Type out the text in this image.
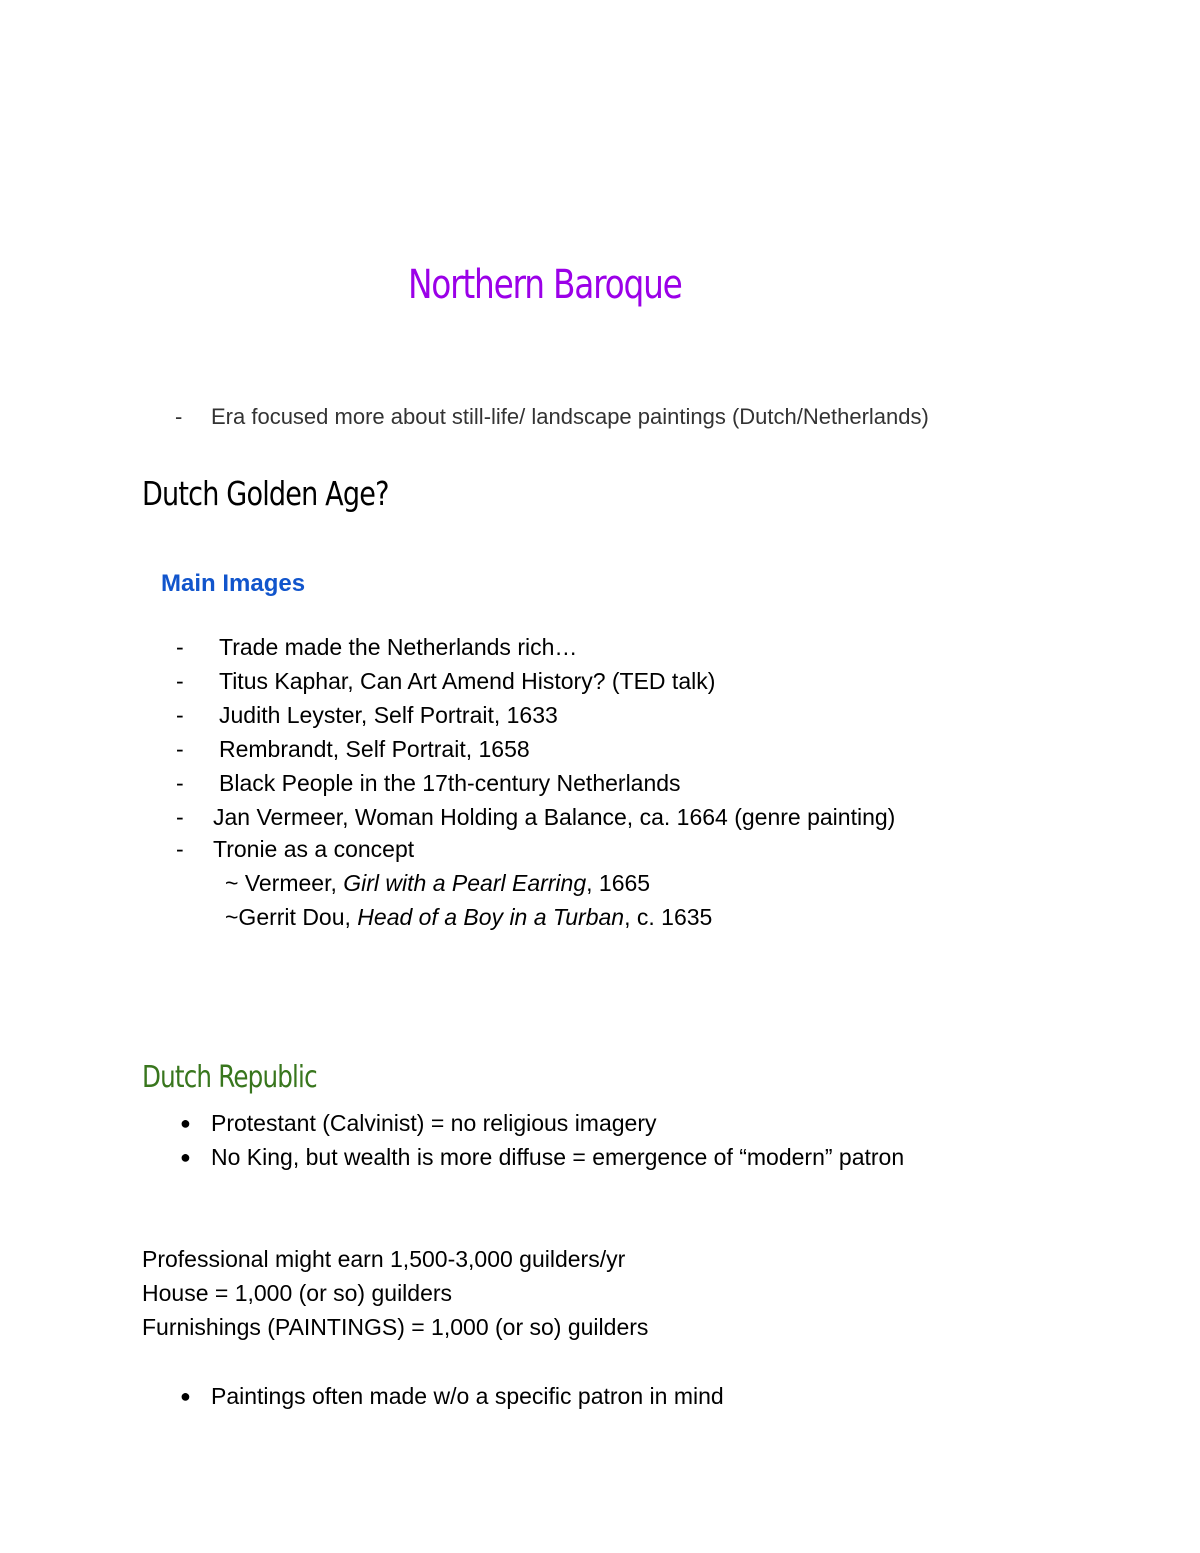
Northern Baroque
- Era focused more about still-life/ landscape paintings (Dutch/Netherlands)
Dutch Golden Age?
Main Images
- Trade made the Netherlands rich…
- Titus Kaphar, Can Art Amend History? (TED talk)
- Judith Leyster, Self Portrait, 1633
- Rembrandt, Self Portrait, 1658
- Black People in the 17th-century Netherlands
- Jan Vermeer, Woman Holding a Balance, ca. 1664 (genre painting)
- Tronie as a concept
~ Vermeer, Girl with a Pearl Earring, 1665
~Gerrit Dou, Head of a Boy in a Turban, c. 1635
Dutch Republic
● Protestant (Calvinist) = no religious imagery
● No King, but wealth is more diffuse = emergence of “modern” patron
Professional might earn 1,500-3,000 guilders/yr
House = 1,000 (or so) guilders
Furnishings (PAINTINGS) = 1,000 (or so) guilders
● Paintings often made w/o a specific patron in mind
